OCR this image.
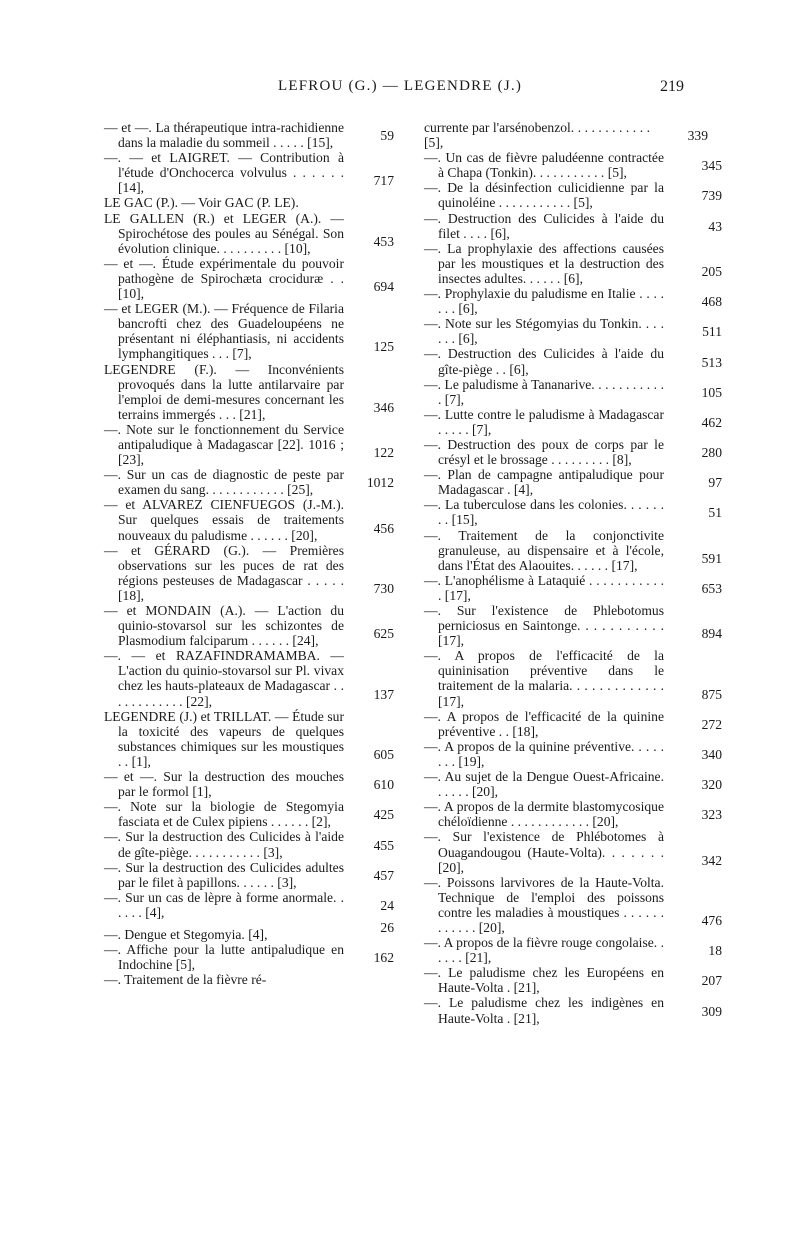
LEFROU (G.) — LEGENDRE (J.)	219
— et —. La thérapeutique intra-rachidienne dans la maladie du sommeil . . . . . [15],	59
—. — et LAIGRET. — Contribution à l'étude d'Onchocerca volvulus . . . . . . [14],	717
LE GAC (P.). — Voir GAC (P. LE).
LE GALLEN (R.) et LEGER (A.). — Spirochétose des poules au Sénégal. Son évolution clinique. . . . . . . . . . [10],	453
— et —. Étude expérimentale du pouvoir pathogène de Spirochæta crociduræ . . [10],	694
— et LEGER (M.). — Fréquence de Filaria bancrofti chez des Guadeloupéens ne présentant ni éléphantiasis, ni accidents lymphangitiques . . . [7],	125
LEGENDRE (F.). — Inconvénients provoqués dans la lutte antilarvaire par l'emploi de demi-mesures concernant les terrains immergés . . . [21],	346
—. Note sur le fonctionnement du Service antipaludique à Madagascar [22]. 1016 ; [23],	122
—. Sur un cas de diagnostic de peste par examen du sang. . . . . . . . . . . . [25],	1012
— et ALVAREZ CIENFUEGOS (J.-M.). Sur quelques essais de traitements nouveaux du paludisme . . . . . . [20],	456
— et GÉRARD (G.). — Premières observations sur les puces de rat des régions pesteuses de Madagascar . . . . . [18],	730
— et MONDAIN (A.). — L'action du quinio-stovarsol sur les schizontes de Plasmodium falciparum . . . . . . [24],	625
—. — et RAZAFINDRAMAMBA. — L'action du quinio-stovarsol sur Pl. vivax chez les hauts-plateaux de Madagascar . . . . . . . . . . . . [22],	137
LEGENDRE (J.) et TRILLAT. — Étude sur la toxicité des vapeurs de quelques substances chimiques sur les moustiques . . [1],	605
— et —. Sur la destruction des mouches par le formol [1],	610
—. Note sur la biologie de Stegomyia fasciata et de Culex pipiens . . . . . . [2],	425
—. Sur la destruction des Culicides à l'aide de gîte-piège. . . . . . . . . . . [3],	455
—. Sur la destruction des Culicides adultes par le filet à papillons. . . . . . [3],	457
—. Sur un cas de lèpre à forme anormale. . . . . . [4],	24
—. Dengue et Stegomyia. [4],	26
—. Affiche pour la lutte antipaludique en Indochine [5],	162
—. Traitement de la fièvre ré-
currente par l'arsénobenzol. . . . . . . . . . . . [5],	339
—. Un cas de fièvre paludéenne contractée à Chapa (Tonkin). . . . . . . . . . . [5],	345
—. De la désinfection culicidienne par la quinoléine . . . . . . . . . . . [5],	739
—. Destruction des Culicides à l'aide du filet . . . . [6],	43
—. La prophylaxie des affections causées par les moustiques et la destruction des insectes adultes. . . . . . [6],	205
—. Prophylaxie du paludisme en Italie . . . . . . . [6],	468
—. Note sur les Stégomyias du Tonkin. . . . . . . [6],	511
—. Destruction des Culicides à l'aide du gîte-piège . . [6],	513
—. Le paludisme à Tananarive. . . . . . . . . . . . [7],	105
—. Lutte contre le paludisme à Madagascar . . . . . [7],	462
—. Destruction des poux de corps par le crésyl et le brossage . . . . . . . . . [8],	280
—. Plan de campagne antipaludique pour Madagascar . [4],	97
—. La tuberculose dans les colonies. . . . . . . . [15],	51
—. Traitement de la conjonctivite granuleuse, au dispensaire et à l'école, dans l'État des Alaouites. . . . . . [17],	591
—. L'anophélisme à Lataquié . . . . . . . . . . . . [17],	653
—. Sur l'existence de Phlebotomus perniciosus en Saintonge. . . . . . . . . . . [17],	894
—. A propos de l'efficacité de la quininisation préventive dans le traitement de la malaria. . . . . . . . . . . . . [17],	875
—. A propos de l'efficacité de la quinine préventive . . [18],	272
—. A propos de la quinine préventive. . . . . . . . [19],	340
—. Au sujet de la Dengue Ouest-Africaine. . . . . . [20],	320
—. A propos de la dermite blastomycosique chéloïdienne . . . . . . . . . . . . [20],	323
—. Sur l'existence de Phlébotomes à Ouagandougou (Haute-Volta). . . . . . . [20],	342
—. Poissons larvivores de la Haute-Volta. Technique de l'emploi des poissons contre les maladies à moustiques . . . . . . . . . . . . [20],	476
—. A propos de la fièvre rouge congolaise. . . . . . [21],	18
—. Le paludisme chez les Européens en Haute-Volta . [21],	207
—. Le paludisme chez les indigènes en Haute-Volta . [21],	309
